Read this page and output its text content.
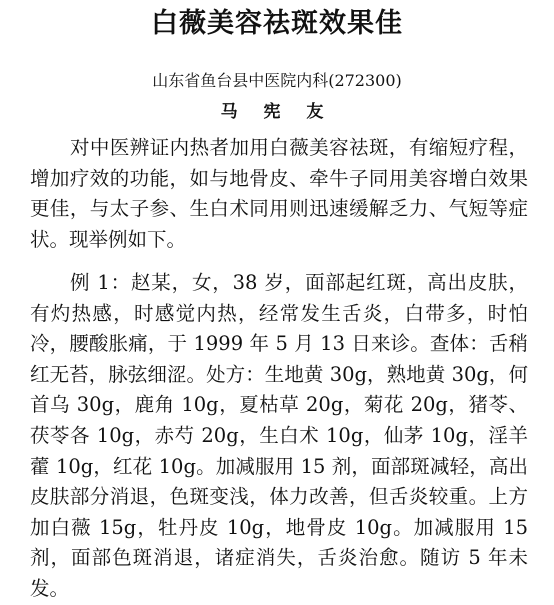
白薇美容祛斑效果佳
山东省鱼台县中医院内科(272300)
马 宪 友

对中医辨证内热者加用白薇美容祛斑，有缩短疗程，增加疗效的功能，如与地骨皮、牵牛子同用美容增白效果更佳，与太子参、生白术同用则迅速缓解乏力、气短等症状。现举例如下。

例 1：赵某，女，38 岁，面部起红斑，高出皮肤，有灼热感，时感觉内热，经常发生舌炎，白带多，时怕冷，腰酸胀痛，于 1999 年 5 月 13 日来诊。查体：舌稍红无苔，脉弦细涩。处方：生地黄 30g，熟地黄 30g，何首乌 30g，鹿角 10g，夏枯草 20g，菊花 20g，猪苓、茯苓各 10g，赤芍 20g，生白术 10g，仙茅 10g，淫羊藿 10g，红花 10g。加减服用 15 剂，面部斑减轻，高出皮肤部分消退，色斑变浅，体力改善，但舌炎较重。上方加白薇 15g，牡丹皮 10g，地骨皮 10g。加减服用 15 剂，面部色斑消退，诸症消失，舌炎治愈。随访 5 年未发。
